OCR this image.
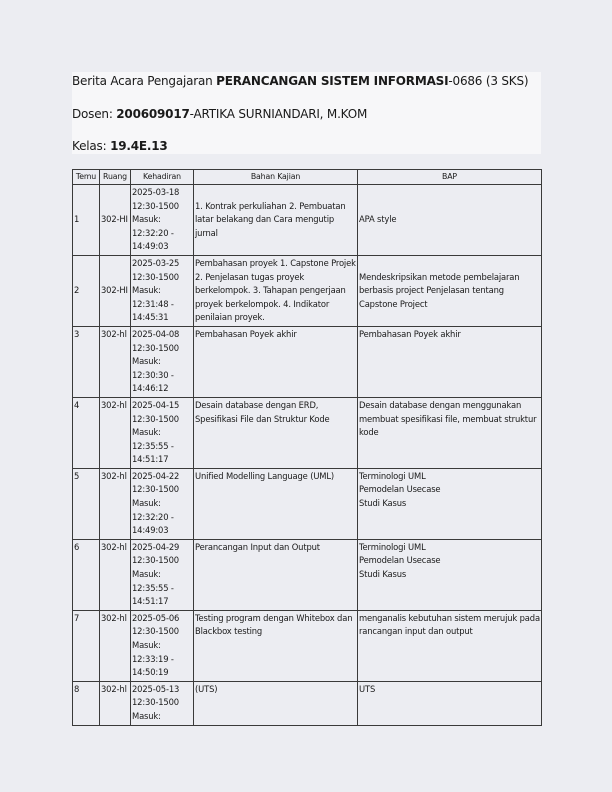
Berita Acara Pengajaran PERANCANGAN SISTEM INFORMASI-0686 (3 SKS)
Dosen: 200609017-ARTIKA SURNIANDARI, M.KOM
Kelas: 19.4E.13
Temu	Ruang	Kehadiran	Bahan Kajian	BAP
1	302-HI	2025-03-18
12:30-1500
Masuk:
12:32:20 -
14:49:03	1. Kontrak perkuliahan 2. Pembuatan latar belakang dan Cara mengutip jurnal	APA style
2	302-HI	2025-03-25
12:30-1500
Masuk:
12:31:48 -
14:45:31	Pembahasan proyek 1. Capstone Projek 2. Penjelasan tugas proyek berkelompok. 3. Tahapan pengerjaan proyek berkelompok. 4. Indikator penilaian proyek.	Mendeskripsikan metode pembelajaran berbasis project Penjelasan tentang Capstone Project
3	302-hl	2025-04-08
12:30-1500
Masuk:
12:30:30 -
14:46:12	Pembahasan Poyek akhir	Pembahasan Poyek akhir
4	302-hl	2025-04-15
12:30-1500
Masuk:
12:35:55 -
14:51:17	Desain database dengan ERD, Spesifikasi File dan Struktur Kode	Desain database dengan menggunakan membuat spesifikasi file, membuat struktur kode
5	302-hl	2025-04-22
12:30-1500
Masuk:
12:32:20 -
14:49:03	Unified Modelling Language (UML)	Terminologi UML
Pemodelan Usecase
Studi Kasus

6	302-hl	2025-04-29
12:30-1500
Masuk:
12:35:55 -
14:51:17	Perancangan Input dan Output	Terminologi UML
Pemodelan Usecase
Studi Kasus

7	302-hl	2025-05-06
12:30-1500
Masuk:
12:33:19 -
14:50:19	Testing program dengan Whitebox dan Blackbox testing	menganalis kebutuhan sistem merujuk pada rancangan input dan output
8	302-hl	2025-05-13
12:30-1500
Masuk:	(UTS)	UTS
